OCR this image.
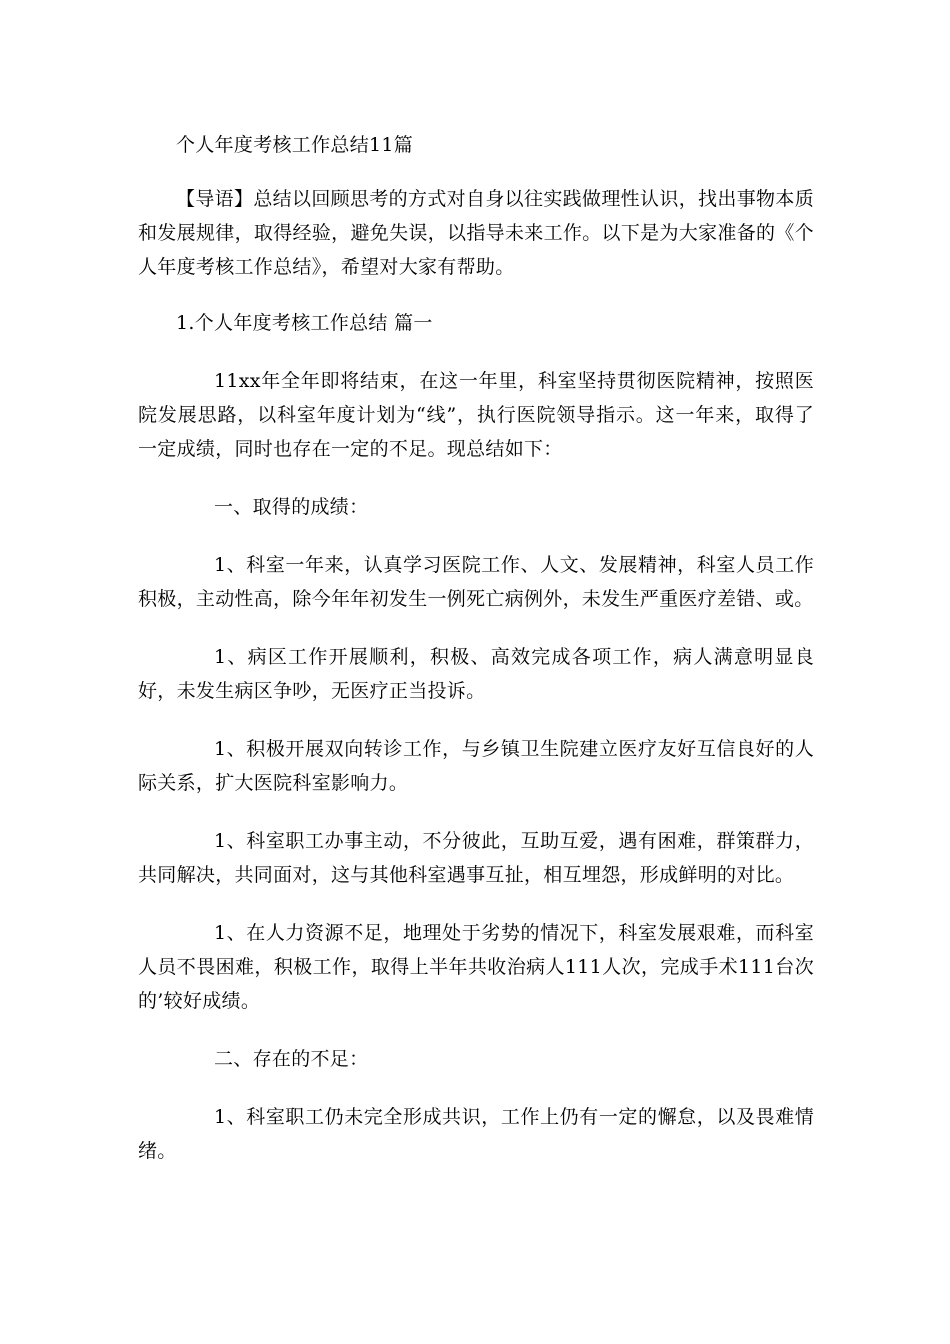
个人年度考核工作总结11篇

【导语】总结以回顾思考的方式对自身以往实践做理性认识，找出事物本质和发展规律，取得经验，避免失误，以指导未来工作。以下是为大家准备的《个人年度考核工作总结》，希望对大家有帮助。

1.个人年度考核工作总结 篇一

11xx年全年即将结束，在这一年里，科室坚持贯彻医院精神，按照医院发展思路，以科室年度计划为“线”，执行医院领导指示。这一年来，取得了一定成绩，同时也存在一定的不足。现总结如下：

一、取得的成绩：

1、科室一年来，认真学习医院工作、人文、发展精神，科室人员工作积极，主动性高，除今年年初发生一例死亡病例外，未发生严重医疗差错、或。

1、病区工作开展顺利，积极、高效完成各项工作，病人满意明显良好，未发生病区争吵，无医疗正当投诉。

1、积极开展双向转诊工作，与乡镇卫生院建立医疗友好互信良好的人际关系，扩大医院科室影响力。

1、科室职工办事主动，不分彼此，互助互爱，遇有困难，群策群力，共同解决，共同面对，这与其他科室遇事互扯，相互埋怨，形成鲜明的对比。

1、在人力资源不足，地理处于劣势的情况下，科室发展艰难，而科室人员不畏困难，积极工作，取得上半年共收治病人111人次，完成手术111台次的’较好成绩。

二、存在的不足：

1、科室职工仍未完全形成共识，工作上仍有一定的懈怠，以及畏难情绪。
